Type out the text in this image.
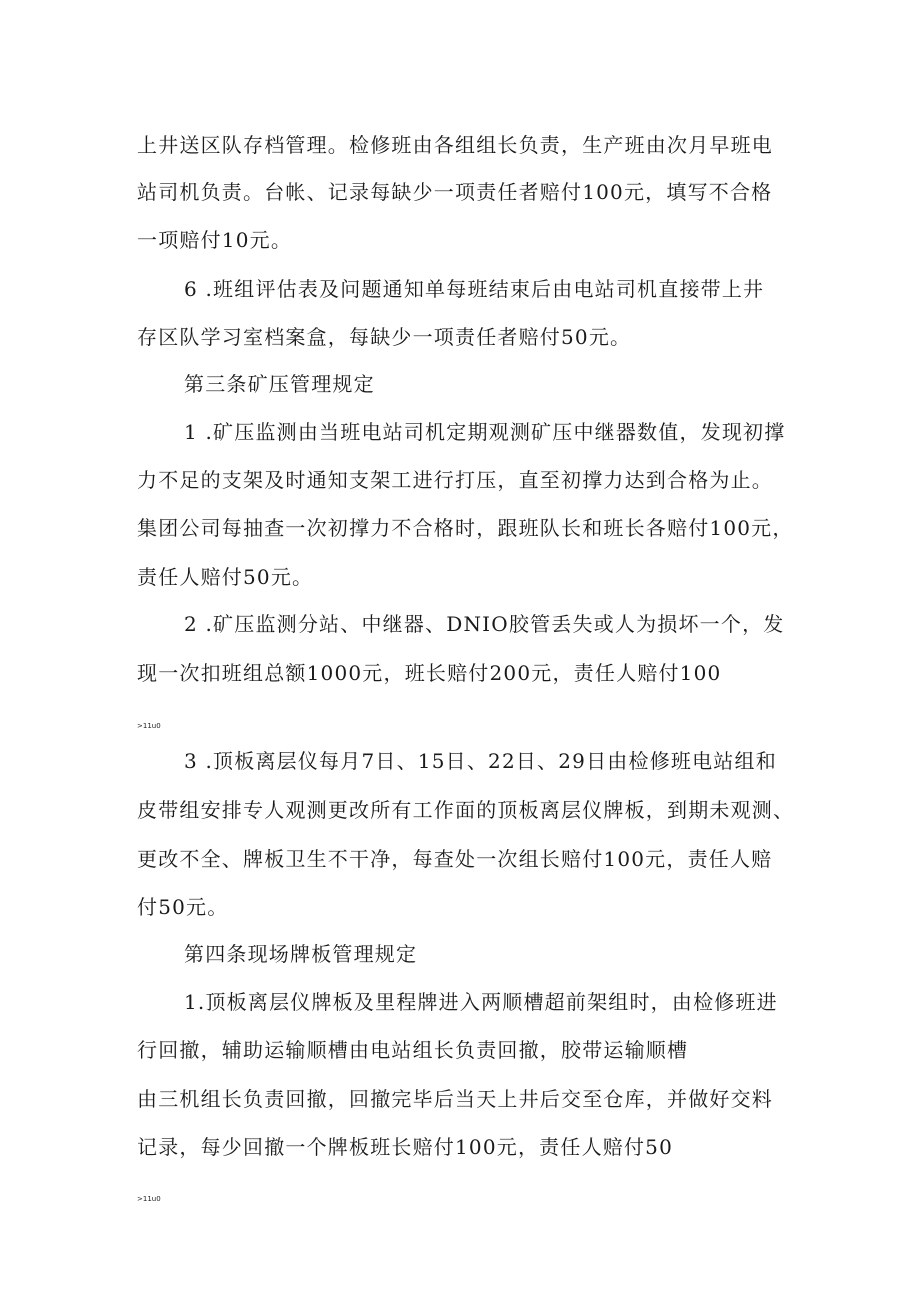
上井送区队存档管理。检修班由各组组长负责，生产班由次月早班电
站司机负责。台帐、记录每缺少一项责任者赔付100元，填写不合格
一项赔付10元。
6 .班组评估表及问题通知单每班结束后由电站司机直接带上井
存区队学习室档案盒，每缺少一项责任者赔付50元。
第三条矿压管理规定
1 .矿压监测由当班电站司机定期观测矿压中继器数值，发现初撑
力不足的支架及时通知支架工进行打压，直至初撑力达到合格为止。
集团公司每抽查一次初撑力不合格时，跟班队长和班长各赔付100元，
责任人赔付50元。
2 .矿压监测分站、中继器、DNIO胶管丢失或人为损坏一个，发
现一次扣班组总额1000元，班长赔付200元，责任人赔付100
>11u0
3 .顶板离层仪每月7日、15日、22日、29日由检修班电站组和
皮带组安排专人观测更改所有工作面的顶板离层仪牌板，到期未观测、
更改不全、牌板卫生不干净，每查处一次组长赔付100元，责任人赔
付50元。
第四条现场牌板管理规定
1.顶板离层仪牌板及里程牌进入两顺槽超前架组时，由检修班进
行回撤，辅助运输顺槽由电站组长负责回撤，胶带运输顺槽
由三机组长负责回撤，回撤完毕后当天上井后交至仓库，并做好交料
记录，每少回撤一个牌板班长赔付100元，责任人赔付50
>11u0
